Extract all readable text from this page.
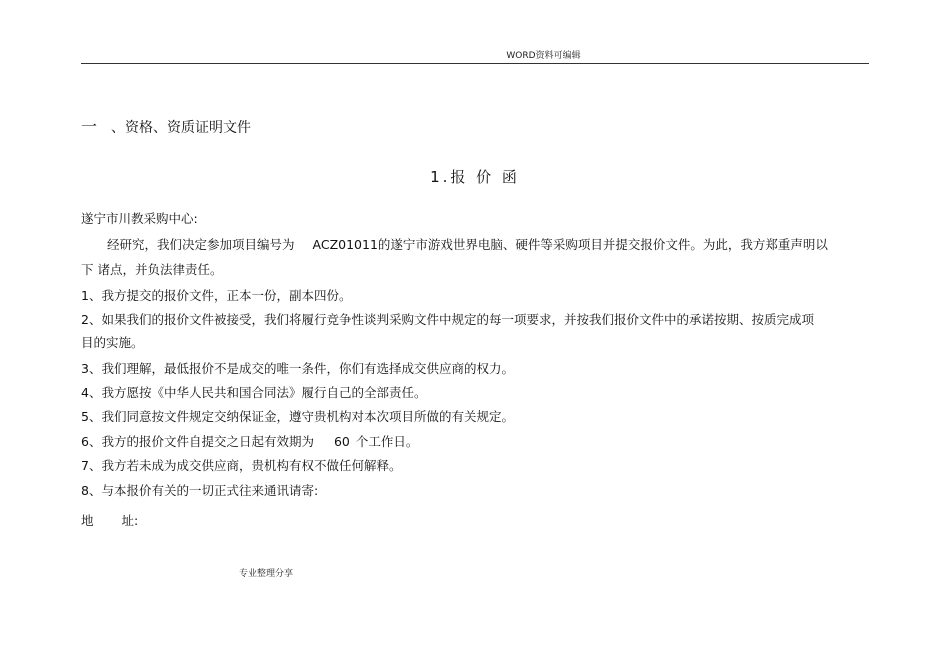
WORD资料可编辑
一 、资格、资质证明文件
1.报 价 函
遂宁市川教采购中心:
经研究，我们决定参加项目编号为 ACZ01011的遂宁市游戏世界电脑、硬件等采购项目并提交报价文件。为此，我方郑重声明以
下 诸点，并负法律责任。
1、我方提交的报价文件，正本一份，副本四份。
2、如果我们的报价文件被接受，我们将履行竞争性谈判采购文件中规定的每一项要求，并按我们报价文件中的承诺按期、按质完成项
目的实施。
3、我们理解，最低报价不是成交的唯一条件，你们有选择成交供应商的权力。
4、我方愿按《中华人民共和国合同法》履行自己的全部责任。
5、我们同意按文件规定交纳保证金，遵守贵机构对本次项目所做的有关规定。
6、我方的报价文件自提交之日起有效期为 60 个工作日。
7、我方若未成为成交供应商，贵机构有权不做任何解释。
8、与本报价有关的一切正式往来通讯请寄:
地 址:
专业整理分享
